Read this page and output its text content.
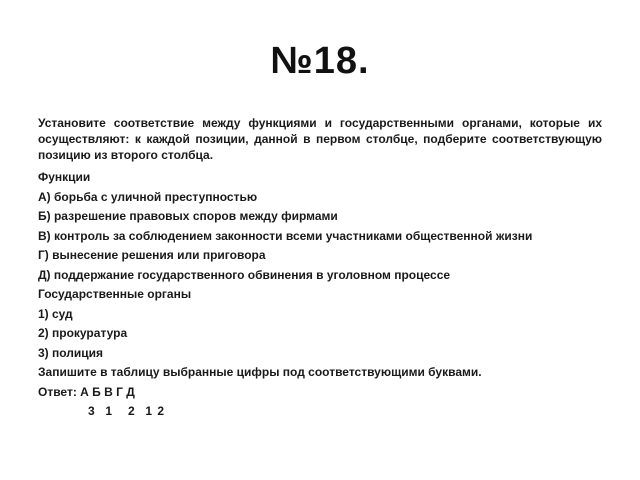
№18.

Установите соответствие между функциями и государственными органами, которые их осуществляют: к каждой позиции, данной в первом столбце, подберите соответствующую позицию из второго столбца.

Функции

А) борьба с уличной преступностью

Б) разрешение правовых споров между фирмами

В) контроль за соблюдением законности всеми участниками общественной жизни

Г) вынесение решения или приговора

Д) поддержание государственного обвинения в уголовном процессе

Государственные органы

1) суд

2) прокуратура

3) полиция

Запишите в таблицу выбранные цифры под соответствующими буквами.

Ответ: А Б В Г Д

3  1   2  1 2
